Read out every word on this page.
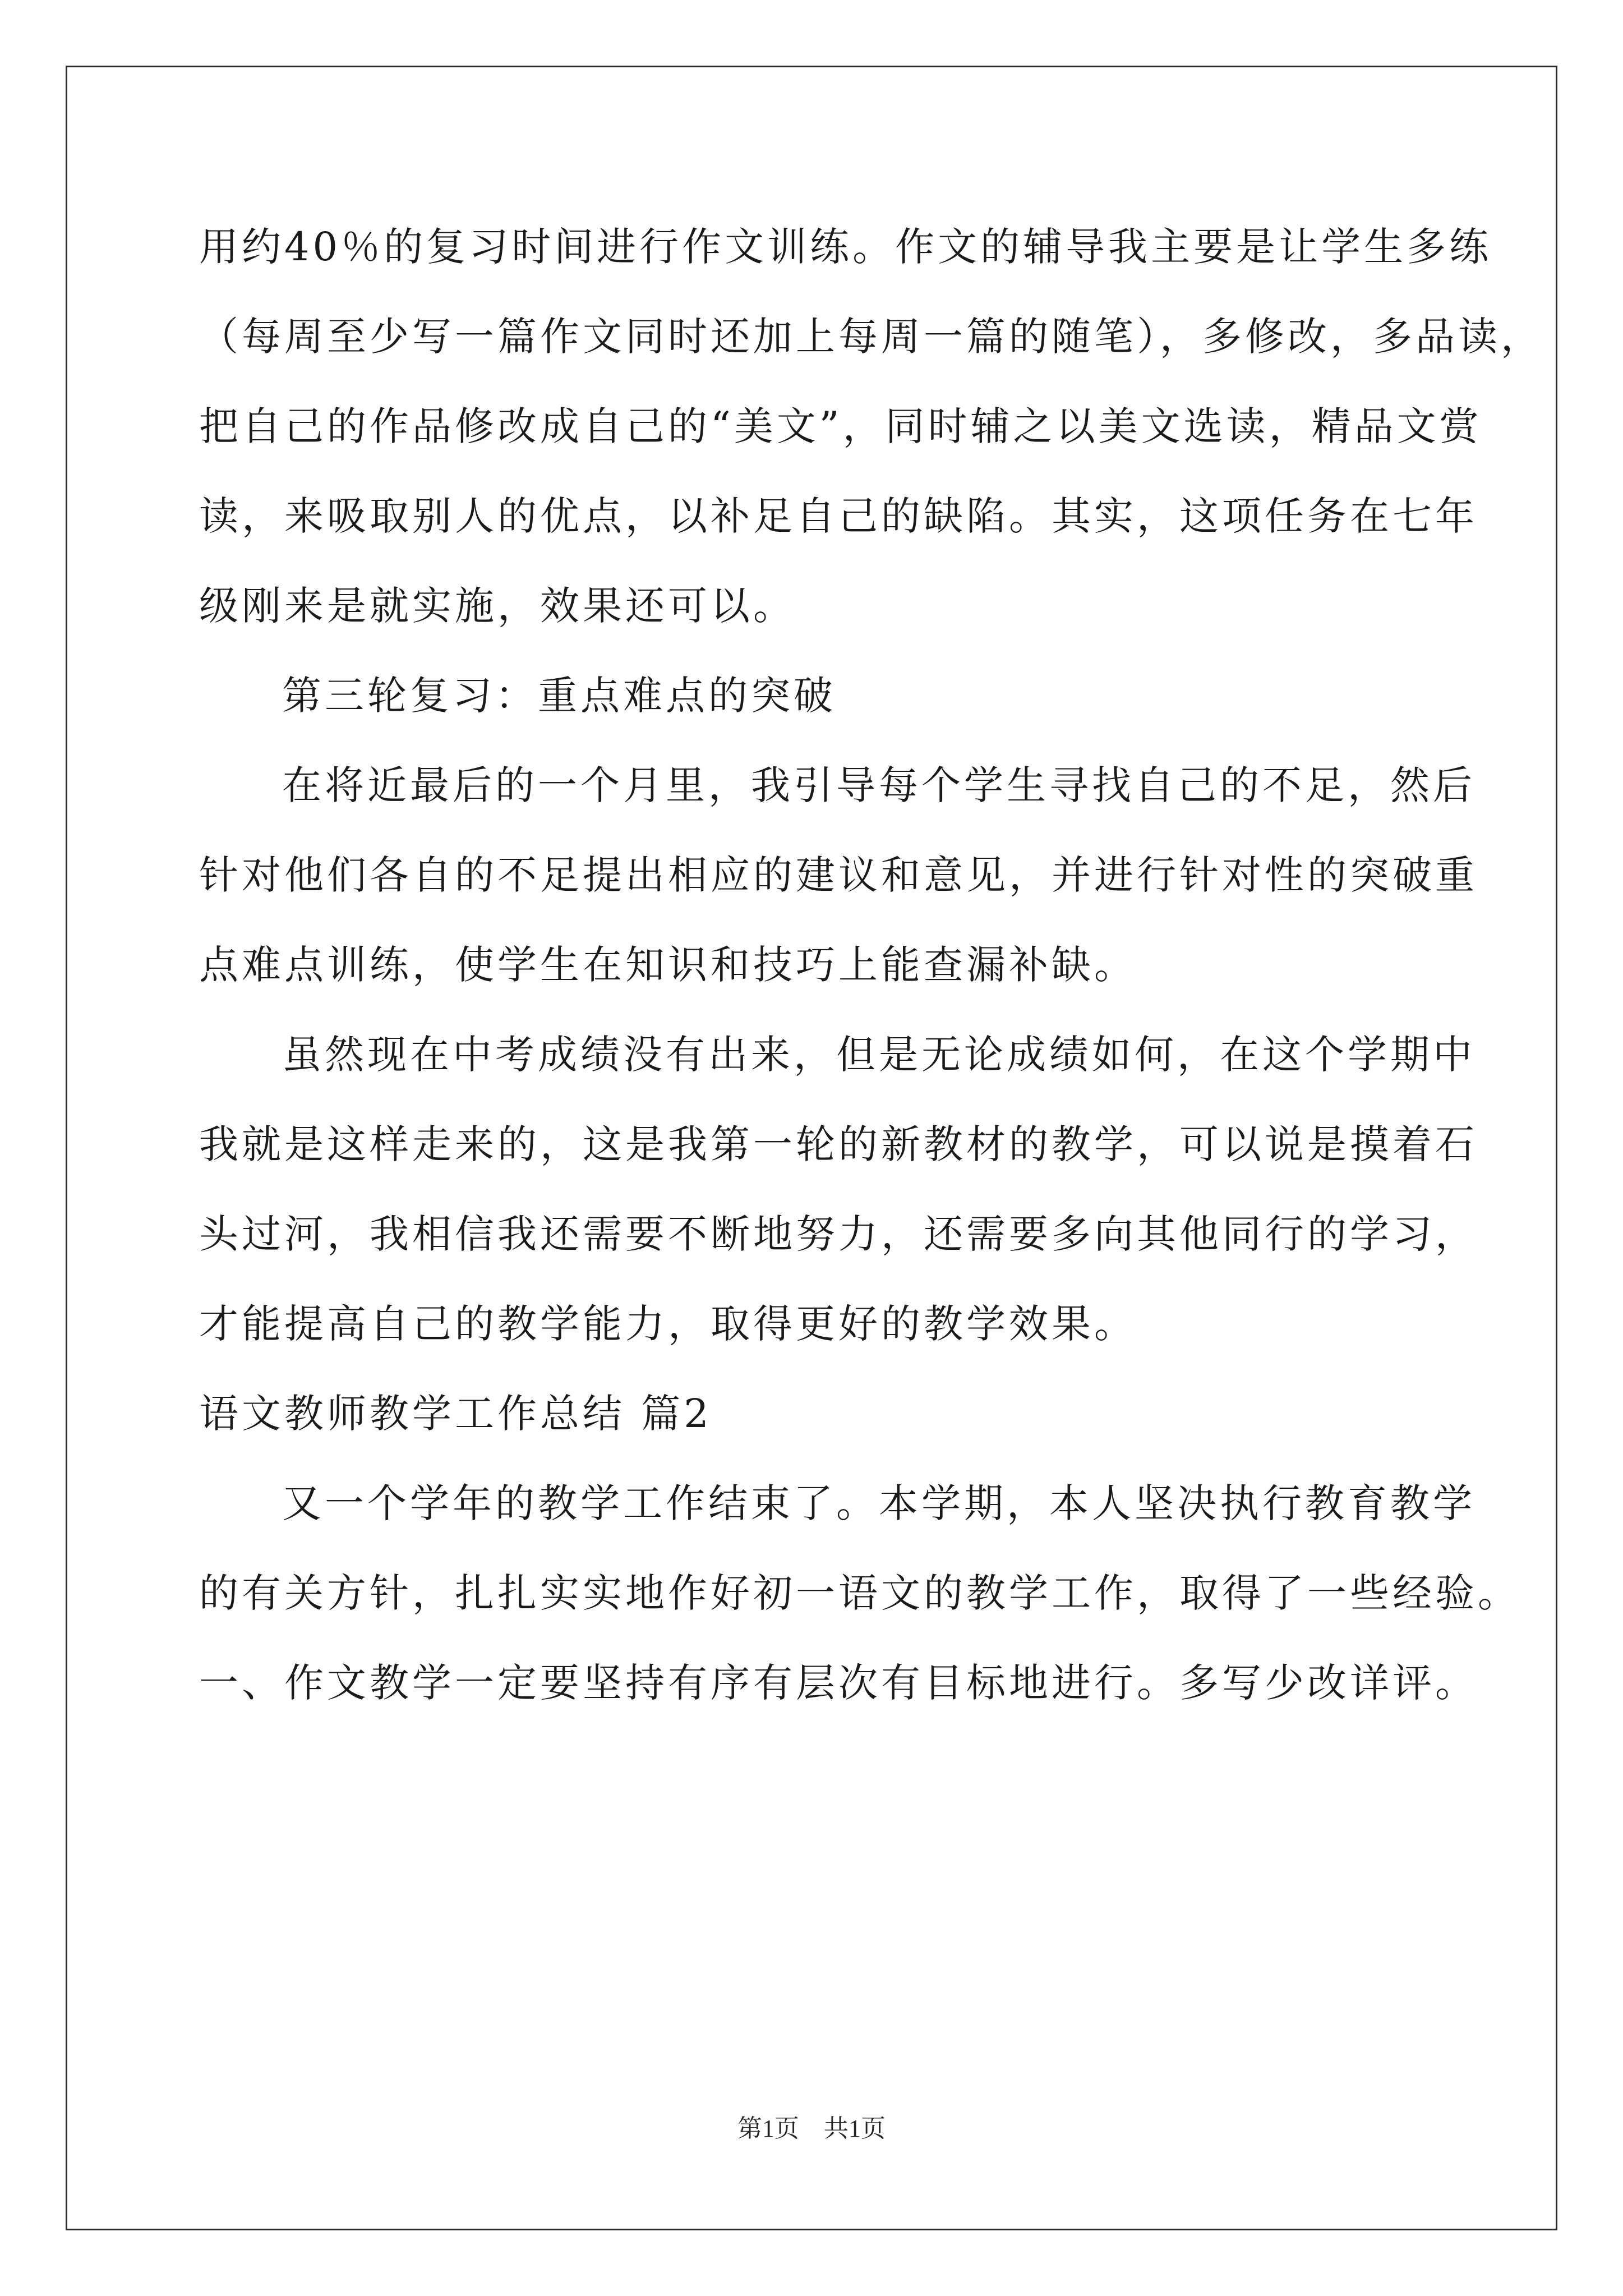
用约40％的复习时间进行作文训练。作文的辅导我主要是让学生多练
（每周至少写一篇作文同时还加上每周一篇的随笔），多修改，多品读，
把自己的作品修改成自己的“美文”，同时辅之以美文选读，精品文赏
读，来吸取别人的优点，以补足自己的缺陷。其实，这项任务在七年
级刚来是就实施，效果还可以。
第三轮复习：重点难点的突破
在将近最后的一个月里，我引导每个学生寻找自己的不足，然后
针对他们各自的不足提出相应的建议和意见，并进行针对性的突破重
点难点训练，使学生在知识和技巧上能查漏补缺。
虽然现在中考成绩没有出来，但是无论成绩如何，在这个学期中
我就是这样走来的，这是我第一轮的新教材的教学，可以说是摸着石
头过河，我相信我还需要不断地努力，还需要多向其他同行的学习，
才能提高自己的教学能力，取得更好的教学效果。
语文教师教学工作总结 篇2
又一个学年的教学工作结束了。本学期，本人坚决执行教育教学
的有关方针，扎扎实实地作好初一语文的教学工作，取得了一些经验。
一、作文教学一定要坚持有序有层次有目标地进行。多写少改详评。
第1页　共1页
